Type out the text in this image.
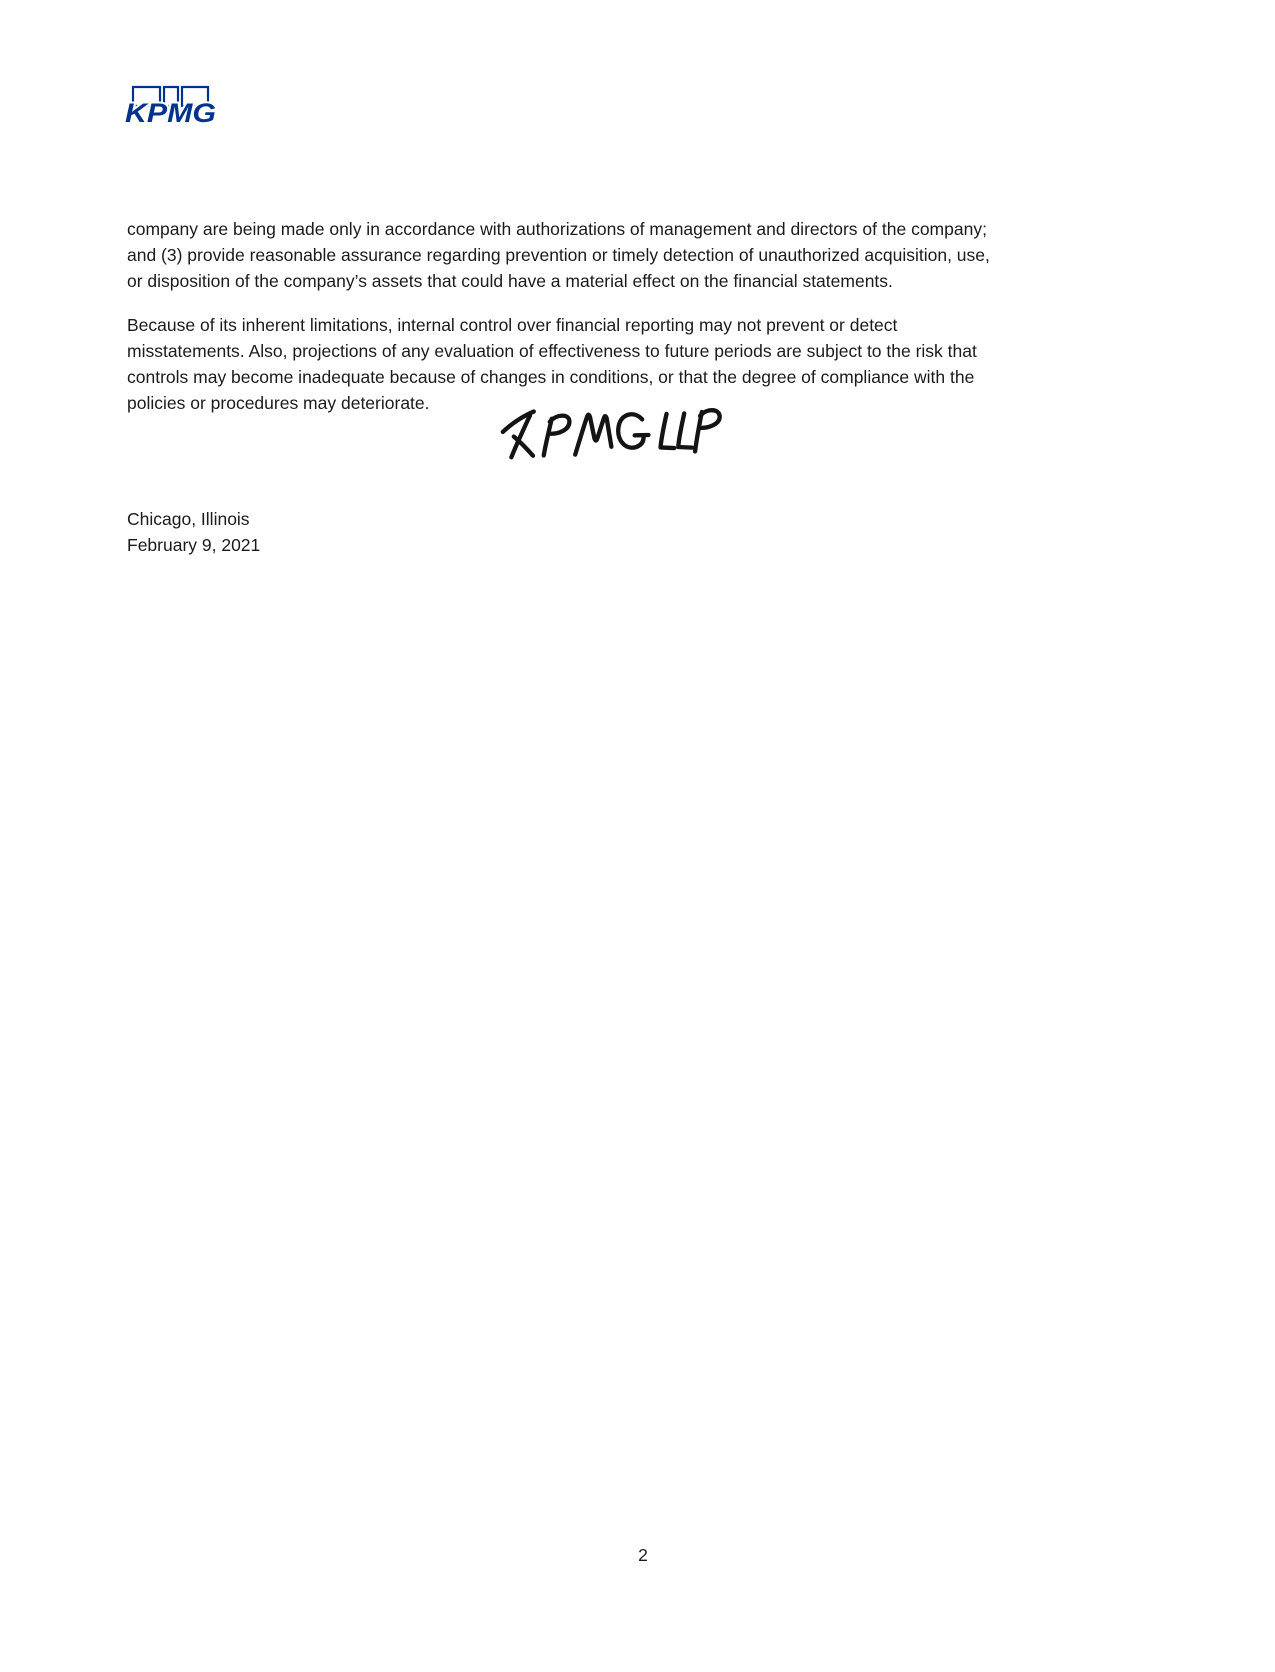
KPMG
company are being made only in accordance with authorizations of management and directors of the company;
and (3) provide reasonable assurance regarding prevention or timely detection of unauthorized acquisition, use,
or disposition of the company’s assets that could have a material effect on the financial statements.
Because of its inherent limitations, internal control over financial reporting may not prevent or detect
misstatements. Also, projections of any evaluation of effectiveness to future periods are subject to the risk that
controls may become inadequate because of changes in conditions, or that the degree of compliance with the
policies or procedures may deteriorate.
Chicago, Illinois
February 9, 2021
2
